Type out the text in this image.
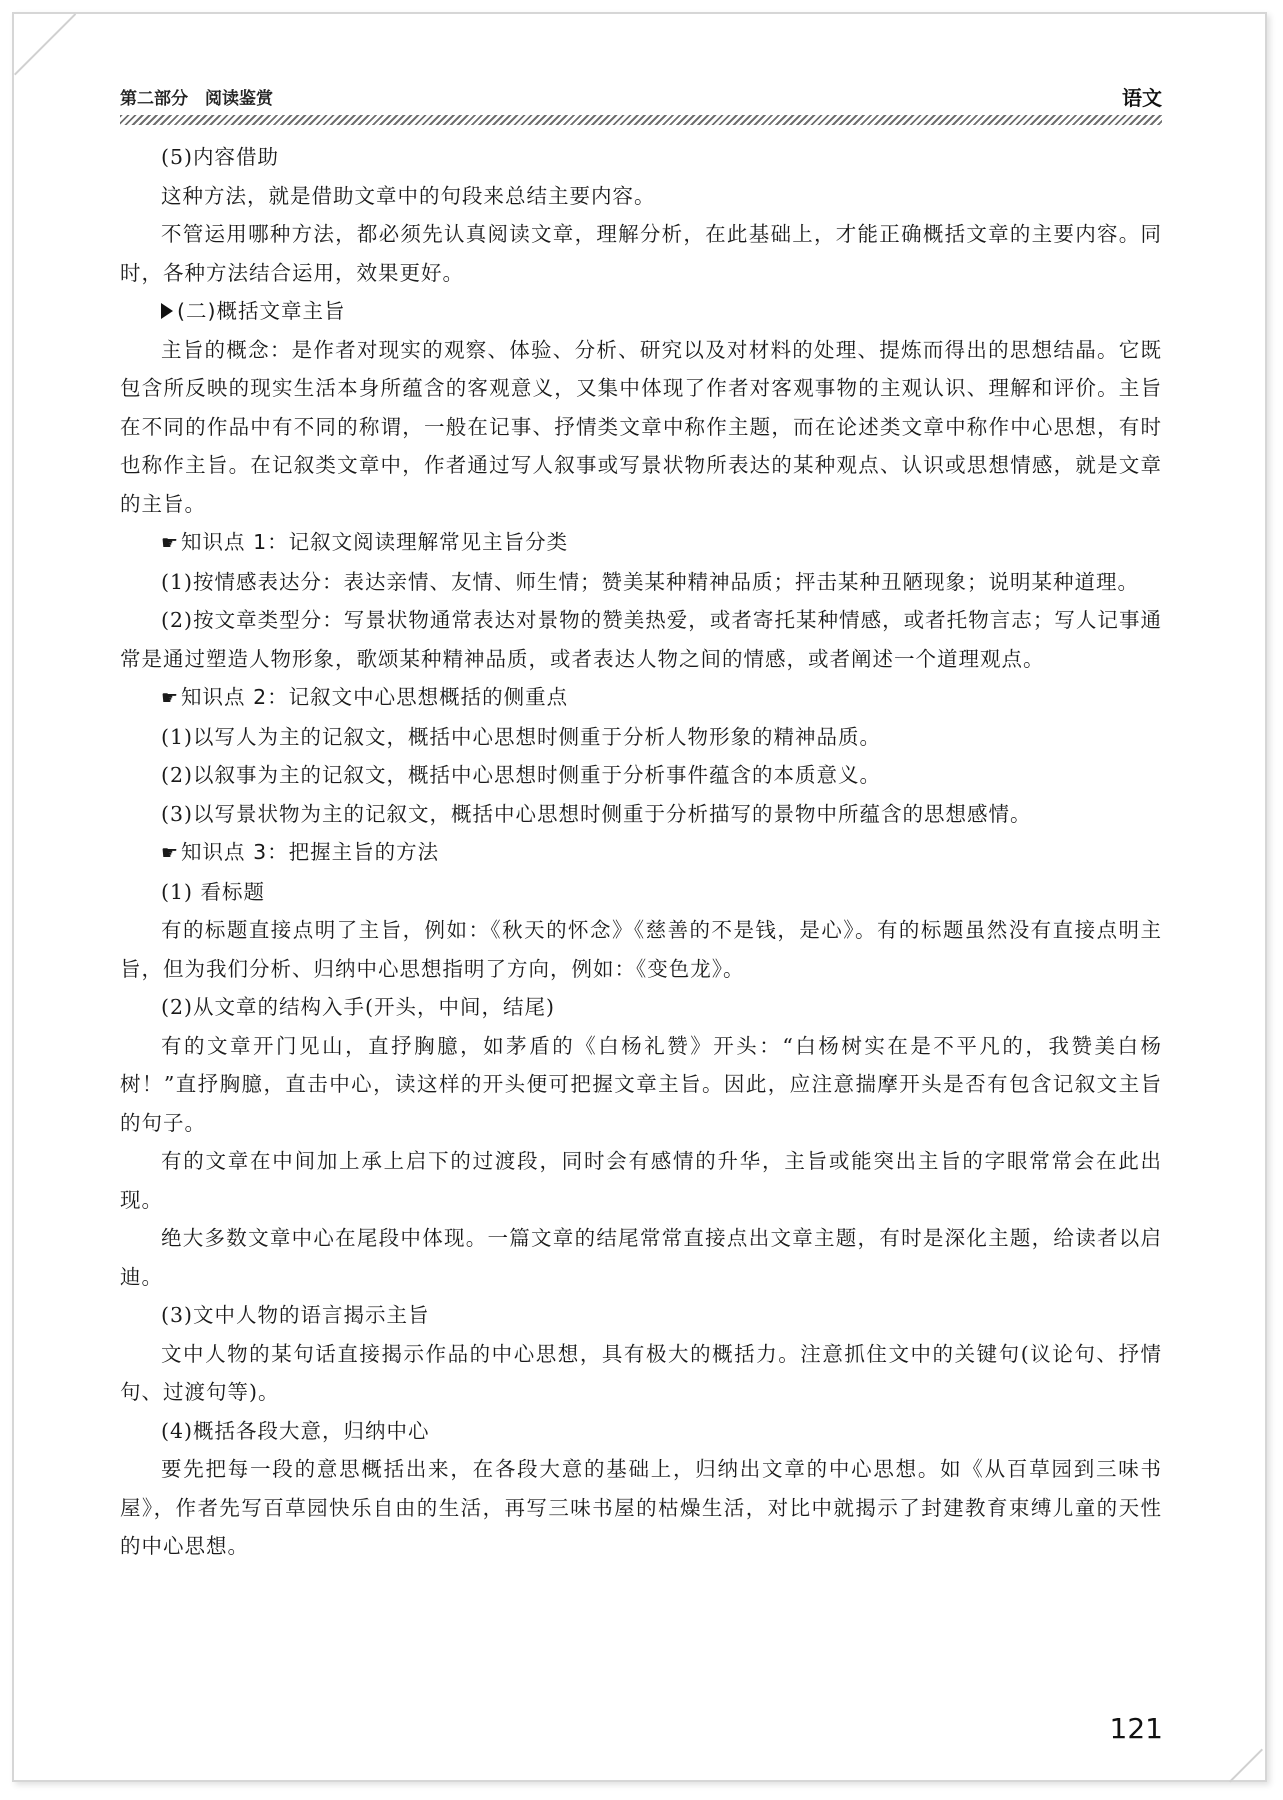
第二部分　阅读鉴赏	语文

(5)内容借助

这种方法，就是借助文章中的句段来总结主要内容。

不管运用哪种方法，都必须先认真阅读文章，理解分析，在此基础上，才能正确概括文章的主要内容。同时，各种方法结合运用，效果更好。

(二)概括文章主旨

主旨的概念：是作者对现实的观察、体验、分析、研究以及对材料的处理、提炼而得出的思想结晶。它既包含所反映的现实生活本身所蕴含的客观意义，又集中体现了作者对客观事物的主观认识、理解和评价。主旨在不同的作品中有不同的称谓，一般在记事、抒情类文章中称作主题，而在论述类文章中称作中心思想，有时也称作主旨。在记叙类文章中，作者通过写人叙事或写景状物所表达的某种观点、认识或思想情感，就是文章的主旨。

☛知识点 1：记叙文阅读理解常见主旨分类

(1)按情感表达分：表达亲情、友情、师生情；赞美某种精神品质；抨击某种丑陋现象；说明某种道理。

(2)按文章类型分：写景状物通常表达对景物的赞美热爱，或者寄托某种情感，或者托物言志；写人记事通常是通过塑造人物形象，歌颂某种精神品质，或者表达人物之间的情感，或者阐述一个道理观点。

☛知识点 2：记叙文中心思想概括的侧重点

(1)以写人为主的记叙文，概括中心思想时侧重于分析人物形象的精神品质。

(2)以叙事为主的记叙文，概括中心思想时侧重于分析事件蕴含的本质意义。

(3)以写景状物为主的记叙文，概括中心思想时侧重于分析描写的景物中所蕴含的思想感情。

☛知识点 3：把握主旨的方法

(1) 看标题

有的标题直接点明了主旨，例如：《秋天的怀念》《慈善的不是钱，是心》。有的标题虽然没有直接点明主旨，但为我们分析、归纳中心思想指明了方向，例如：《变色龙》。

(2)从文章的结构入手(开头，中间，结尾)

有的文章开门见山，直抒胸臆，如茅盾的《白杨礼赞》开头：“白杨树实在是不平凡的，我赞美白杨树！”直抒胸臆，直击中心，读这样的开头便可把握文章主旨。因此，应注意揣摩开头是否有包含记叙文主旨的句子。

有的文章在中间加上承上启下的过渡段，同时会有感情的升华，主旨或能突出主旨的字眼常常会在此出现。

绝大多数文章中心在尾段中体现。一篇文章的结尾常常直接点出文章主题，有时是深化主题，给读者以启迪。

(3)文中人物的语言揭示主旨

文中人物的某句话直接揭示作品的中心思想，具有极大的概括力。注意抓住文中的关键句(议论句、抒情句、过渡句等)。

(4)概括各段大意，归纳中心

要先把每一段的意思概括出来，在各段大意的基础上，归纳出文章的中心思想。如《从百草园到三味书屋》，作者先写百草园快乐自由的生活，再写三味书屋的枯燥生活，对比中就揭示了封建教育束缚儿童的天性的中心思想。

121
